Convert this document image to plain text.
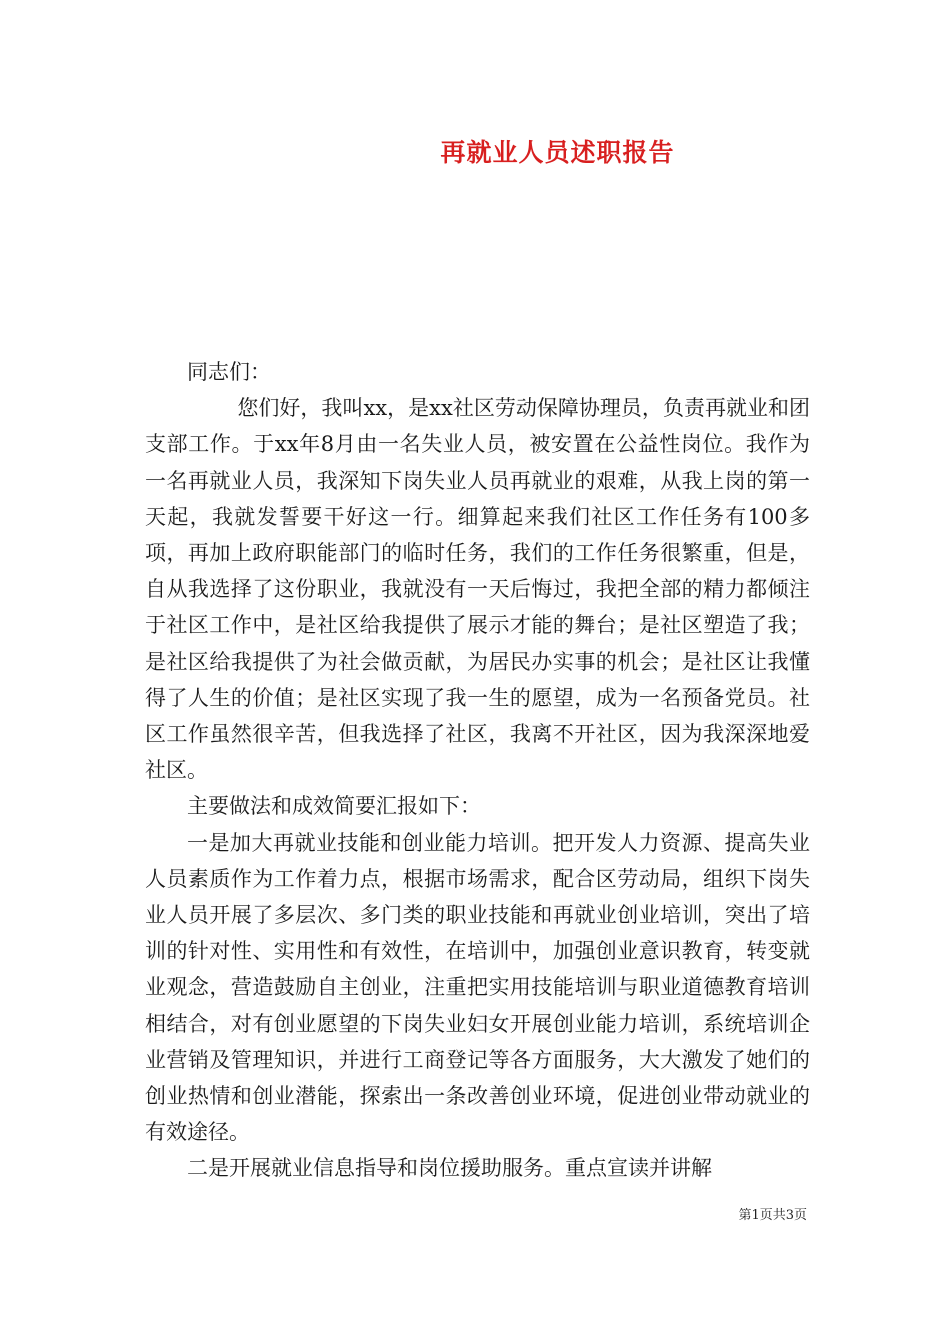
再就业人员述职报告

同志们：

您们好，我叫xx，是xx社区劳动保障协理员，负责再就业和团支部工作。于xx年8月由一名失业人员，被安置在公益性岗位。我作为一名再就业人员，我深知下岗失业人员再就业的艰难，从我上岗的第一天起，我就发誓要干好这一行。细算起来我们社区工作任务有100多项，再加上政府职能部门的临时任务，我们的工作任务很繁重，但是，自从我选择了这份职业，我就没有一天后悔过，我把全部的精力都倾注于社区工作中，是社区给我提供了展示才能的舞台；是社区塑造了我；是社区给我提供了为社会做贡献，为居民办实事的机会；是社区让我懂得了人生的价值；是社区实现了我一生的愿望，成为一名预备党员。社区工作虽然很辛苦，但我选择了社区，我离不开社区，因为我深深地爱社区。

主要做法和成效简要汇报如下：

一是加大再就业技能和创业能力培训。把开发人力资源、提高失业人员素质作为工作着力点，根据市场需求，配合区劳动局，组织下岗失业人员开展了多层次、多门类的职业技能和再就业创业培训，突出了培训的针对性、实用性和有效性，在培训中，加强创业意识教育，转变就业观念，营造鼓励自主创业，注重把实用技能培训与职业道德教育培训相结合，对有创业愿望的下岗失业妇女开展创业能力培训，系统培训企业营销及管理知识，并进行工商登记等各方面服务，大大激发了她们的创业热情和创业潜能，探索出一条改善创业环境，促进创业带动就业的有效途径。

二是开展就业信息指导和岗位援助服务。重点宣读并讲解

第1页共3页
